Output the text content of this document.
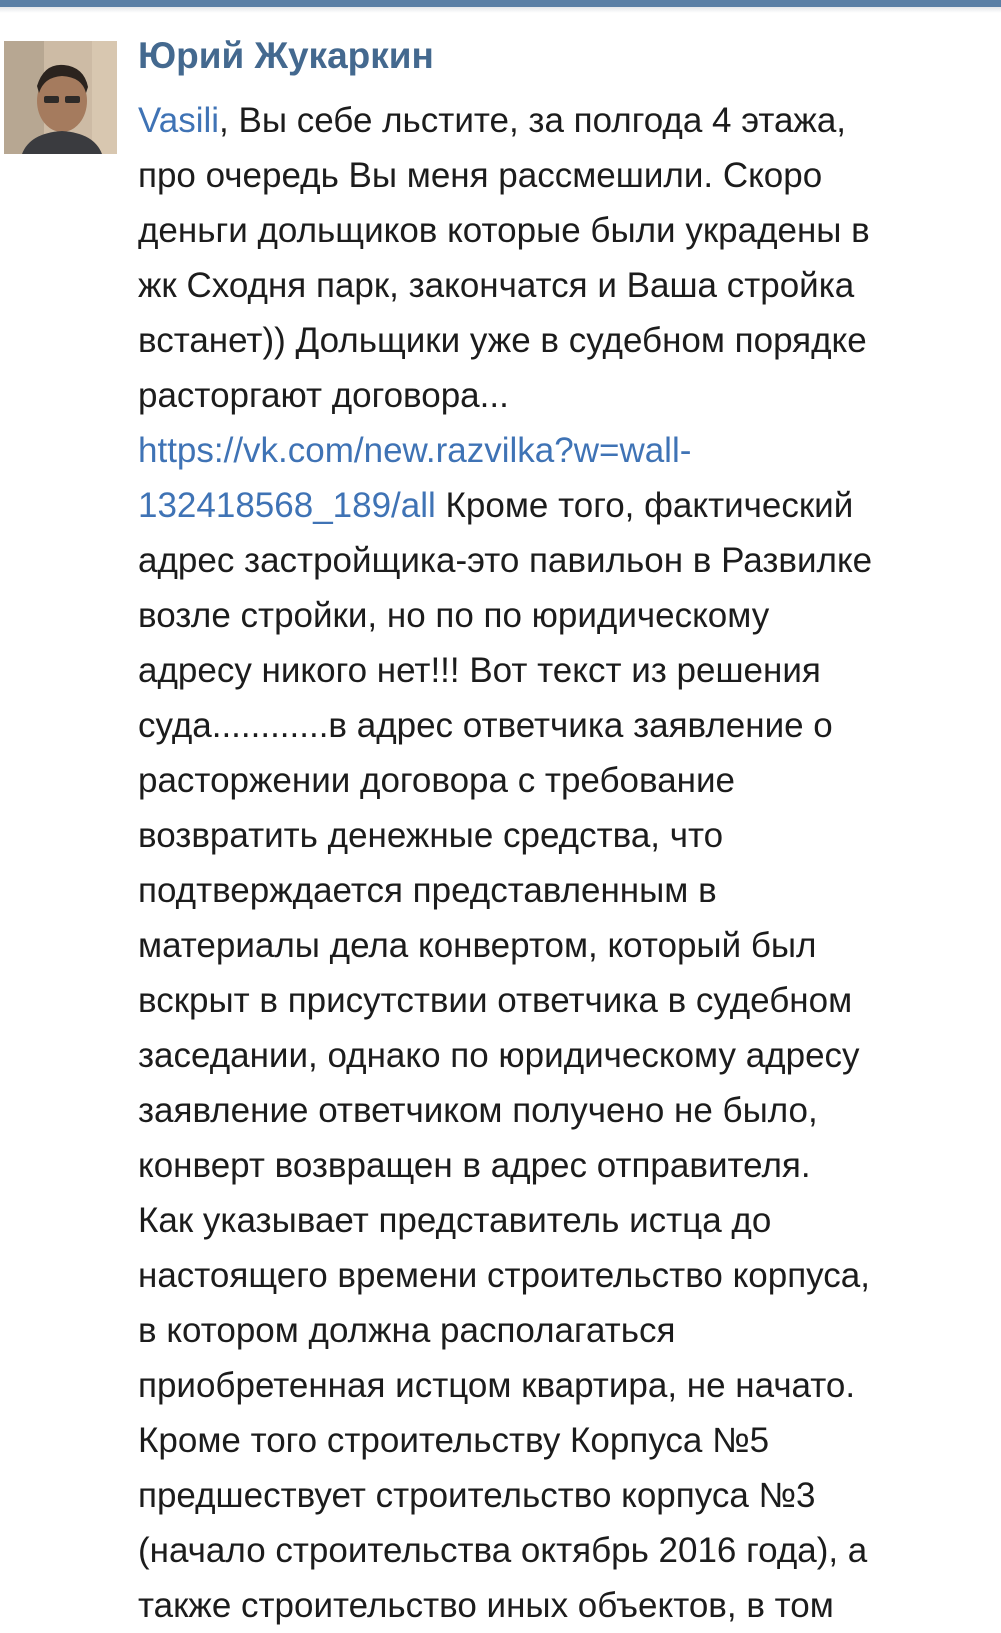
Юрий Жукаркин
Vasili, Вы себе льстите, за полгода 4 этажа,
про очередь Вы меня рассмешили. Скоро
деньги дольщиков которые были украдены в
жк Сходня парк, закончатся и Ваша стройка
встанет)) Дольщики уже в судебном порядке
расторгают договора...
https://vk.com/new.razvilka?w=wall-
132418568_189/all Кроме того, фактический
адрес застройщика-это павильон в Развилке
возле стройки, но по по юридическому
адресу никого нет!!! Вот текст из решения
суда............в адрес ответчика заявление о
расторжении договора с требование
возвратить денежные средства, что
подтверждается представленным в
материалы дела конвертом, который был
вскрыт в присутствии ответчика в судебном
заседании, однако по юридическому адресу
заявление ответчиком получено не было,
конверт возвращен в адрес отправителя.
Как указывает представитель истца до
настоящего времени строительство корпуса,
в котором должна располагаться
приобретенная истцом квартира, не начато.
Кроме того строительству Корпуса №5
предшествует строительство корпуса №3
(начало строительства октябрь 2016 года), а
также строительство иных объектов, в том
